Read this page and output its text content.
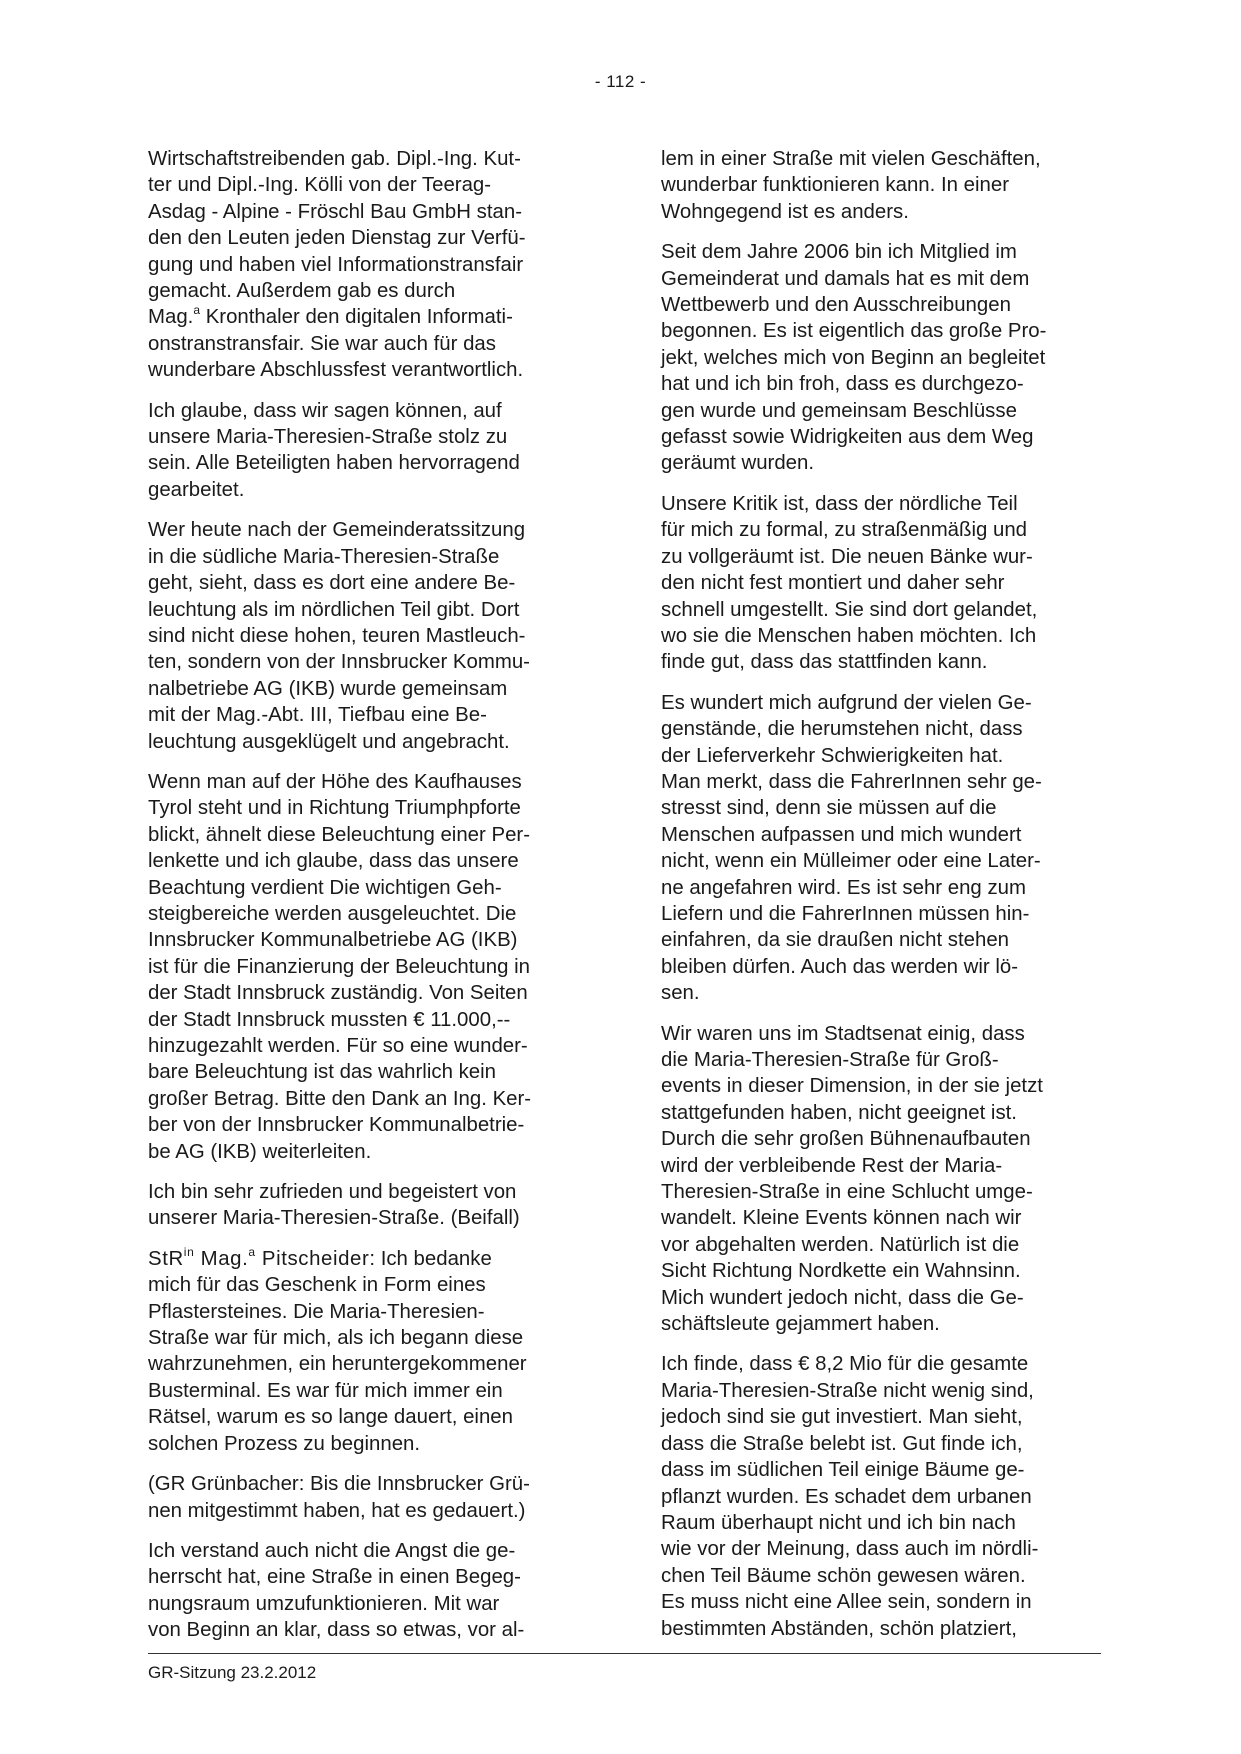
- 112 -
Wirtschaftstreibenden gab. Dipl.-Ing. Kut-
ter und Dipl.-Ing. Kölli von der Teerag-
Asdag - Alpine - Fröschl Bau GmbH stan-
den den Leuten jeden Dienstag zur Verfü-
gung und haben viel Informationstransfair
gemacht. Außerdem gab es durch
Mag.$^a$ Kronthaler den digitalen Informati-
onstranstransfair. Sie war auch für das
wunderbare Abschlussfest verantwortlich.
Ich glaube, dass wir sagen können, auf
unsere Maria-Theresien-Straße stolz zu
sein. Alle Beteiligten haben hervorragend
gearbeitet.
Wer heute nach der Gemeinderatssitzung
in die südliche Maria-Theresien-Straße
geht, sieht, dass es dort eine andere Be-
leuchtung als im nördlichen Teil gibt. Dort
sind nicht diese hohen, teuren Mastleuch-
ten, sondern von der Innsbrucker Kommu-
nalbetriebe AG (IKB) wurde gemeinsam
mit der Mag.-Abt. III, Tiefbau eine Be-
leuchtung ausgeklügelt und angebracht.
Wenn man auf der Höhe des Kaufhauses
Tyrol steht und in Richtung Triumphpforte
blickt, ähnelt diese Beleuchtung einer Per-
lenkette und ich glaube, dass das unsere
Beachtung verdient Die wichtigen Geh-
steigbereiche werden ausgeleuchtet. Die
Innsbrucker Kommunalbetriebe AG (IKB)
ist für die Finanzierung der Beleuchtung in
der Stadt Innsbruck zuständig. Von Seiten
der Stadt Innsbruck mussten € 11.000,--
hinzugezahlt werden. Für so eine wunder-
bare Beleuchtung ist das wahrlich kein
großer Betrag. Bitte den Dank an Ing. Ker-
ber von der Innsbrucker Kommunalbetrie-
be AG (IKB) weiterleiten.
Ich bin sehr zufrieden und begeistert von
unserer Maria-Theresien-Straße. (Beifall)
StR$^{in}$ Mag.$^a$ Pitscheider: Ich bedanke
mich für das Geschenk in Form eines
Pflastersteines. Die Maria-Theresien-
Straße war für mich, als ich begann diese
wahrzunehmen, ein heruntergekommener
Busterminal. Es war für mich immer ein
Rätsel, warum es so lange dauert, einen
solchen Prozess zu beginnen.
(GR Grünbacher: Bis die Innsbrucker Grü-
nen mitgestimmt haben, hat es gedauert.)
Ich verstand auch nicht die Angst die ge-
herrscht hat, eine Straße in einen Begeg-
nungsraum umzufunktionieren. Mit war
von Beginn an klar, dass so etwas, vor al-
lem in einer Straße mit vielen Geschäften,
wunderbar funktionieren kann. In einer
Wohngegend ist es anders.
Seit dem Jahre 2006 bin ich Mitglied im
Gemeinderat und damals hat es mit dem
Wettbewerb und den Ausschreibungen
begonnen. Es ist eigentlich das große Pro-
jekt, welches mich von Beginn an begleitet
hat und ich bin froh, dass es durchgezo-
gen wurde und gemeinsam Beschlüsse
gefasst sowie Widrigkeiten aus dem Weg
geräumt wurden.
Unsere Kritik ist, dass der nördliche Teil
für mich zu formal, zu straßenmäßig und
zu vollgeräumt ist. Die neuen Bänke wur-
den nicht fest montiert und daher sehr
schnell umgestellt. Sie sind dort gelandet,
wo sie die Menschen haben möchten. Ich
finde gut, dass das stattfinden kann.
Es wundert mich aufgrund der vielen Ge-
genstände, die herumstehen nicht, dass
der Lieferverkehr Schwierigkeiten hat.
Man merkt, dass die FahrerInnen sehr ge-
stresst sind, denn sie müssen auf die
Menschen aufpassen und mich wundert
nicht, wenn ein Mülleimer oder eine Later-
ne angefahren wird. Es ist sehr eng zum
Liefern und die FahrerInnen müssen hin-
einfahren, da sie draußen nicht stehen
bleiben dürfen. Auch das werden wir lö-
sen.
Wir waren uns im Stadtsenat einig, dass
die Maria-Theresien-Straße für Groß-
events in dieser Dimension, in der sie jetzt
stattgefunden haben, nicht geeignet ist.
Durch die sehr großen Bühnenaufbauten
wird der verbleibende Rest der Maria-
Theresien-Straße in eine Schlucht umge-
wandelt. Kleine Events können nach wir
vor abgehalten werden. Natürlich ist die
Sicht Richtung Nordkette ein Wahnsinn.
Mich wundert jedoch nicht, dass die Ge-
schäftsleute gejammert haben.
Ich finde, dass € 8,2 Mio für die gesamte
Maria-Theresien-Straße nicht wenig sind,
jedoch sind sie gut investiert. Man sieht,
dass die Straße belebt ist. Gut finde ich,
dass im südlichen Teil einige Bäume ge-
pflanzt wurden. Es schadet dem urbanen
Raum überhaupt nicht und ich bin nach
wie vor der Meinung, dass auch im nördli-
chen Teil Bäume schön gewesen wären.
Es muss nicht eine Allee sein, sondern in
bestimmten Abständen, schön platziert,
GR-Sitzung 23.2.2012
